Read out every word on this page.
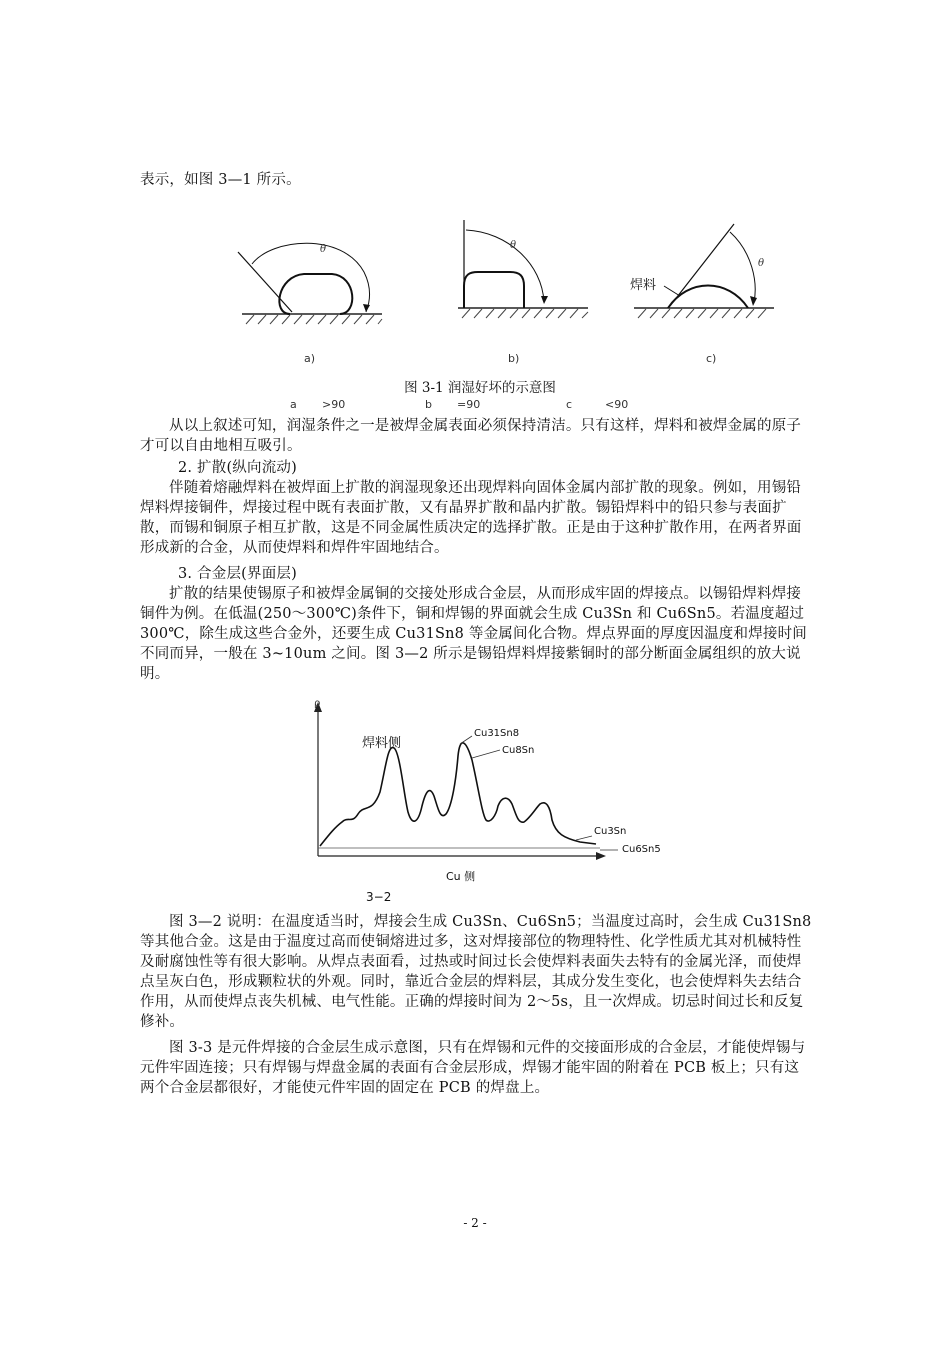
表示，如图 3—1 所示。
θ
a)
θ
b)
θ
焊料
c)
图 3-1 润湿好坏的示意图
a >90	b =90	c	<90
从以上叙述可知，润湿条件之一是被焊金属表面必须保持清洁。只有这样，焊料和被焊金属的原子才可以自由地相互吸引。
2. 扩散(纵向流动)
伴随着熔融焊料在被焊面上扩散的润湿现象还出现焊料向固体金属内部扩散的现象。例如，用锡铅焊料焊接铜件，焊接过程中既有表面扩散，又有晶界扩散和晶内扩散。锡铅焊料中的铅只参与表面扩散，而锡和铜原子相互扩散，这是不同金属性质决定的选择扩散。正是由于这种扩散作用，在两者界面形成新的合金，从而使焊料和焊件牢固地结合。
3. 合金层(界面层)
扩散的结果使锡原子和被焊金属铜的交接处形成合金层，从而形成牢固的焊接点。以锡铅焊料焊接铜件为例。在低温(250～300℃)条件下，铜和焊锡的界面就会生成 Cu3Sn 和 Cu6Sn5。若温度超过 300℃，除生成这些合金外，还要生成 Cu31Sn8 等金属间化合物。焊点界面的厚度因温度和焊接时间不同而异，一般在 3~10um 之间。图 3—2 所示是锡铅焊料焊接紫铜时的部分断面金属组织的放大说明。
ρ
焊料侧
Cu31Sn8
Cu8Sn
Cu3Sn
Cu6Sn5
Cu 侧
3−2
图 3—2 说明：在温度适当时，焊接会生成 Cu3Sn、Cu6Sn5；当温度过高时，会生成 Cu31Sn8 等其他合金。这是由于温度过高而使铜熔进过多，这对焊接部位的物理特性、化学性质尤其对机械特性及耐腐蚀性等有很大影响。从焊点表面看，过热或时间过长会使焊料表面失去特有的金属光泽，而使焊点呈灰白色，形成颗粒状的外观。同时，靠近合金层的焊料层，其成分发生变化，也会使焊料失去结合作用，从而使焊点丧失机械、电气性能。正确的焊接时间为 2～5s，且一次焊成。切忌时间过长和反复修补。
图 3-3 是元件焊接的合金层生成示意图，只有在焊锡和元件的交接面形成的合金层，才能使焊锡与元件牢固连接；只有焊锡与焊盘金属的表面有合金层形成，焊锡才能牢固的附着在 PCB 板上；只有这两个合金层都很好，才能使元件牢固的固定在 PCB 的焊盘上。
- 2 -
